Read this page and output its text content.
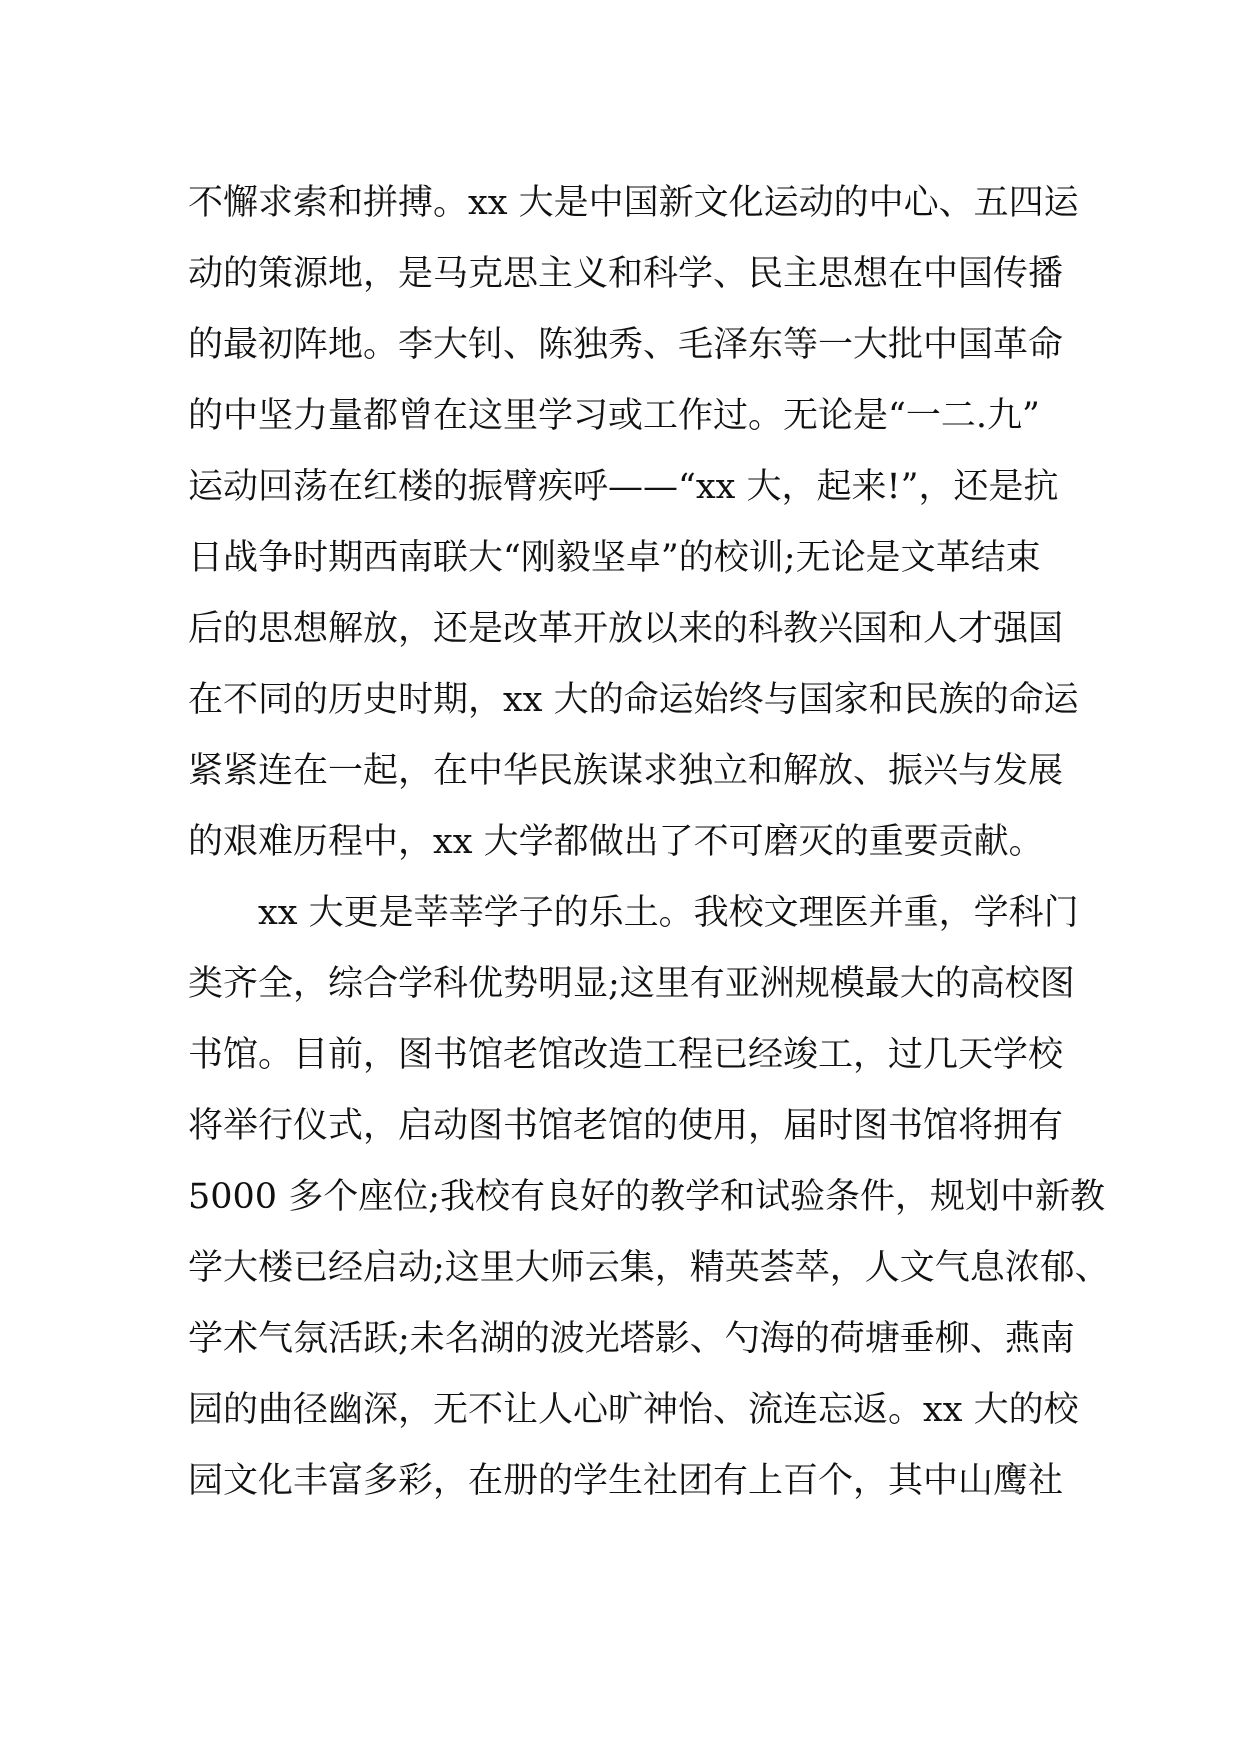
不懈求索和拼搏。xx 大是中国新文化运动的中心、五四运

动的策源地，是马克思主义和科学、民主思想在中国传播

的最初阵地。李大钊、陈独秀、毛泽东等一大批中国革命

的中坚力量都曾在这里学习或工作过。无论是“一二.九”

运动回荡在红楼的振臂疾呼——“xx 大，起来!”，还是抗

日战争时期西南联大“刚毅坚卓”的校训;无论是文革结束

后的思想解放，还是改革开放以来的科教兴国和人才强国

在不同的历史时期，xx 大的命运始终与国家和民族的命运

紧紧连在一起，在中华民族谋求独立和解放、振兴与发展

的艰难历程中，xx 大学都做出了不可磨灭的重要贡献。

xx 大更是莘莘学子的乐土。我校文理医并重，学科门

类齐全，综合学科优势明显;这里有亚洲规模最大的高校图

书馆。目前，图书馆老馆改造工程已经竣工，过几天学校

将举行仪式，启动图书馆老馆的使用，届时图书馆将拥有

5000 多个座位;我校有良好的教学和试验条件，规划中新教

学大楼已经启动;这里大师云集，精英荟萃，人文气息浓郁、

学术气氛活跃;未名湖的波光塔影、勺海的荷塘垂柳、燕南

园的曲径幽深，无不让人心旷神怡、流连忘返。xx 大的校

园文化丰富多彩，在册的学生社团有上百个，其中山鹰社
